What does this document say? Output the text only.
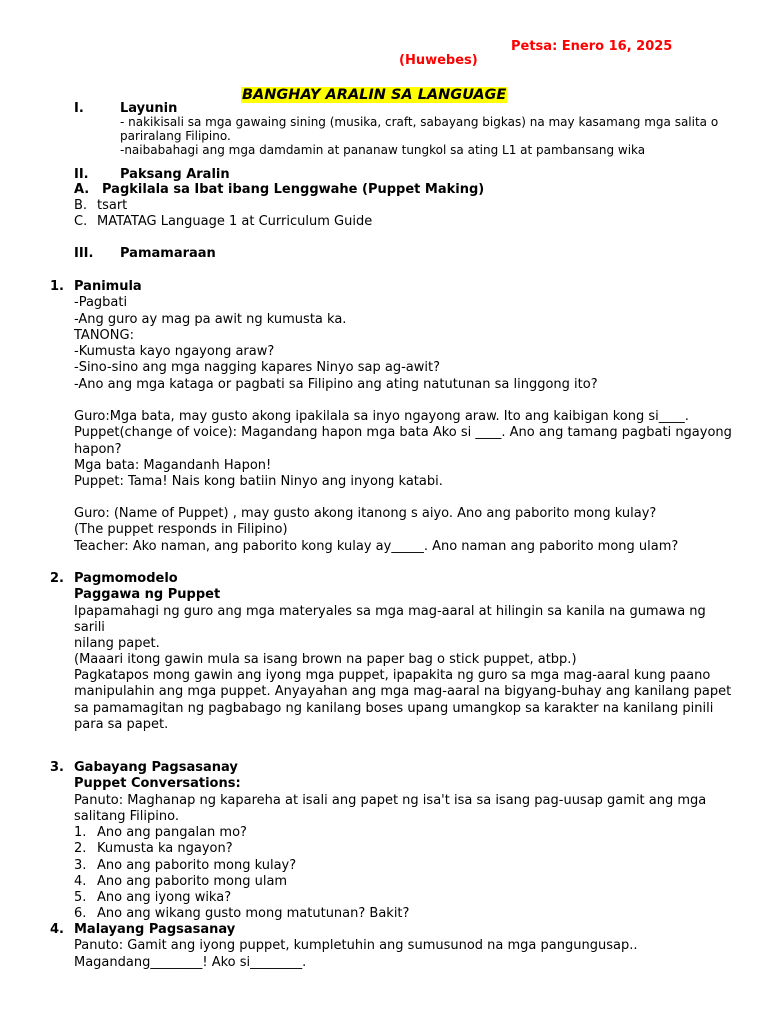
Petsa: Enero 16, 2025
(Huwebes)
BANGHAY ARALIN SA LANGUAGE
I.	Layunin
- nakikisali sa mga gawaing sining (musika, craft, sabayang bigkas) na may kasamang mga salita o
pariralang Filipino.
-naibabahagi ang mga damdamin at pananaw tungkol sa ating L1 at pambansang wika
II. Paksang Aralin
A. Pagkilala sa Ibat ibang Lenggwahe (Puppet Making)
B. tsart
C. MATATAG Language 1 at Curriculum Guide
III. Pamamaraan
1. Panimula
-Pagbati
-Ang guro ay mag pa awit ng kumusta ka.
TANONG:
-Kumusta kayo ngayong araw?
-Sino-sino ang mga nagging kapares Ninyo sap ag-awit?
-Ano ang mga kataga or pagbati sa Filipino ang ating natutunan sa linggong ito?
Guro:Mga bata, may gusto akong ipakilala sa inyo ngayong araw. Ito ang kaibigan kong si____.
Puppet(change of voice): Magandang hapon mga bata Ako si ____. Ano ang tamang pagbati ngayong
hapon?
Mga bata: Magandanh Hapon!
Puppet: Tama! Nais kong batiin Ninyo ang inyong katabi.
Guro: (Name of Puppet) , may gusto akong itanong s aiyo. Ano ang paborito mong kulay?
(The puppet responds in Filipino)
Teacher: Ako naman, ang paborito kong kulay ay_____. Ano naman ang paborito mong ulam?
2. Pagmomodelo
Paggawa ng Puppet
Ipapamahagi ng guro ang mga materyales sa mga mag-aaral at hilingin sa kanila na gumawa ng sarili
nilang papet.
(Maaari itong gawin mula sa isang brown na paper bag o stick puppet, atbp.)
Pagkatapos mong gawin ang iyong mga puppet, ipapakita ng guro sa mga mag-aaral kung paano
manipulahin ang mga puppet. Anyayahan ang mga mag-aaral na bigyang-buhay ang kanilang papet
sa pamamagitan ng pagbabago ng kanilang boses upang umangkop sa karakter na kanilang pinili
para sa papet.
3. Gabayang Pagsasanay
Puppet Conversations:
Panuto: Maghanap ng kapareha at isali ang papet ng isa't isa sa isang pag-uusap gamit ang mga
salitang Filipino.
1. Ano ang pangalan mo?
2. Kumusta ka ngayon?
3. Ano ang paborito mong kulay?
4. Ano ang paborito mong ulam
5. Ano ang iyong wika?
6. Ano ang wikang gusto mong matutunan? Bakit?
4. Malayang Pagsasanay
Panuto: Gamit ang iyong puppet, kumpletuhin ang sumusunod na mga pangungusap..
Magandang________! Ako si________.
